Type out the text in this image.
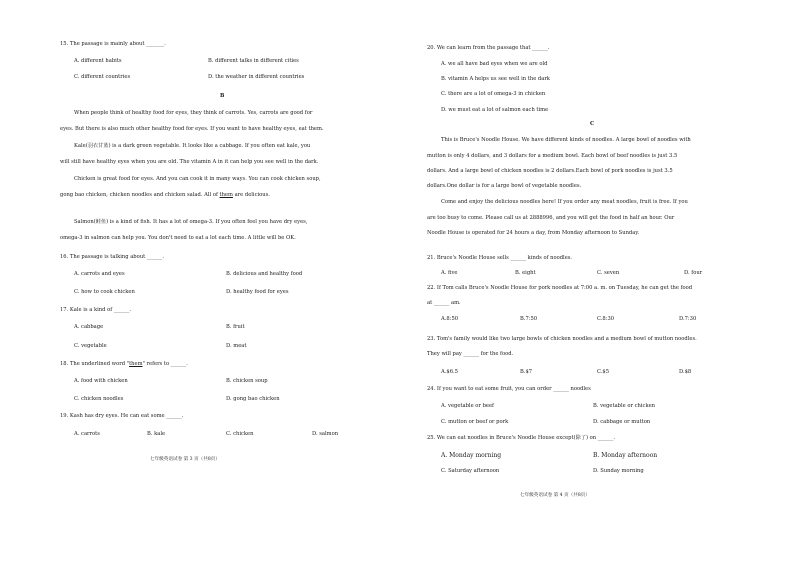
15. The passage is mainly about _______.
A. different habits	B. different talks in different cities
C. different countries	D. the weather in different countries
B
When people think of healthy food for eyes, they think of carrots. Yes, carrots are good for
eyes. But there is also much other healthy food for eyes. If you want to have healthy eyes, eat them.
Kale(羽衣甘蓝) is a dark green vegetable. It looks like a cabbage. If you often eat kale, you
will still have healthy eyes when you are old. The vitamin A in it can help you see well in the dark.
Chicken is great food for eyes. And you can cook it in many ways. You can cook chicken soup,
gong bao chicken, chicken noodles and chicken salad. All of them are delicious.
Salmon(鲑鱼) is a kind of fish. It has a lot of omega-3. If you often feel you have dry eyes,
omega-3 in salmon can help you. You don't need to eat a lot each time. A little will be OK.
16. The passage is talking about ______.
A. carrots and eyes	B. delicious and healthy food
C. how to cook chicken	D. healthy food for eyes
17. Kale is a kind of ______.
A. cabbage	B. fruit
C. vegetable	D. meat
18. The underlined word "them" refers to ______.
A. food with chicken	B. chicken soup
C. chicken noodles	D. gong bao chicken
19. Kash has dry eyes. He can eat some ______.
A. carrots	B. kale	C. chicken	D. salmon
七年级英语试卷 第 3 页（共8页）
20. We can learn from the passage that ______.
A. we all have bad eyes when we are old
B. vitamin A helps us see well in the dark
C. there are a lot of omega-3 in chicken
D. we must eat a lot of salmon each time
C
This is Bruce's Noodle House. We have different kinds of noodles. A large bowl of noodles with
mutton is only 4 dollars, and 3 dollars for a medium bowl. Each bowl of beef noodles is just 3.5
dollars. And a large bowl of chicken noodles is 2 dollars.Each bowl of pork noodles is just 3.5
dollars.One dollar is for a large bowl of vegetable noodles.
Come and enjoy the delicious noodles here! If you order any meat noodles, fruit is free. If you
are too busy to come. Please call us at 2888996, and you will get the food in half an hour. Our
Noodle House is operated for 24 hours a day, from Monday afternoon to Sunday.
21. Bruce's Noodle House sells ______ kinds of noodles.
A. five	B. eight	C. seven	D. four
22. If Tom calls Bruce's Noodle House for pork noodles at 7:00 a. m. on Tuesday, he can get the food
at ______ am.
A.8:50	B.7:50	C.8:30	D.7:30
23. Tom's family would like two large bowls of chicken noodles and a medium bowl of mutton noodles.
They will pay ______ for the food.
A.$6.5	B.$7	C.$5	D.$8
24. If you want to eat some fruit, you can order ______ noodles
A. vegetable or beef	B. vegetable or chicken
C. mutton or beef or pork	D. cabbage or mutton
25. We can eat noodles in Bruce's Noodle House except(除了) on ______.
A. Monday morning	B. Monday afternoon
C. Saturday afternoon	D. Sunday morning
七年级英语试卷 第 4 页（共8页）
